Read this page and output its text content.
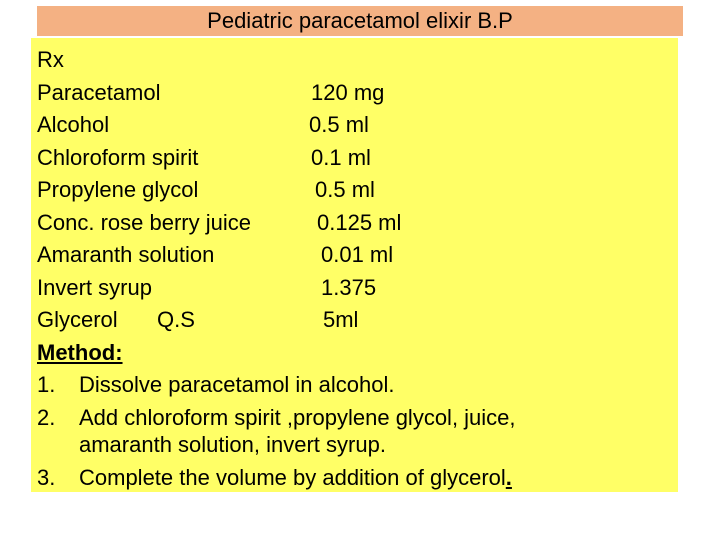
Pediatric paracetamol elixir B.P
Rx
Paracetamol	120 mg
Alcohol	0.5 ml
Chloroform spirit	0.1 ml
Propylene glycol	0.5 ml
Conc. rose berry juice	0.125 ml
Amaranth solution	0.01 ml
Invert syrup	1.375
Glycerol Q.S	5ml
Method:
1. Dissolve paracetamol in alcohol.
2. Add chloroform spirit ,propylene glycol, juice, amaranth solution, invert syrup.
3. Complete the volume by addition of glycerol.
